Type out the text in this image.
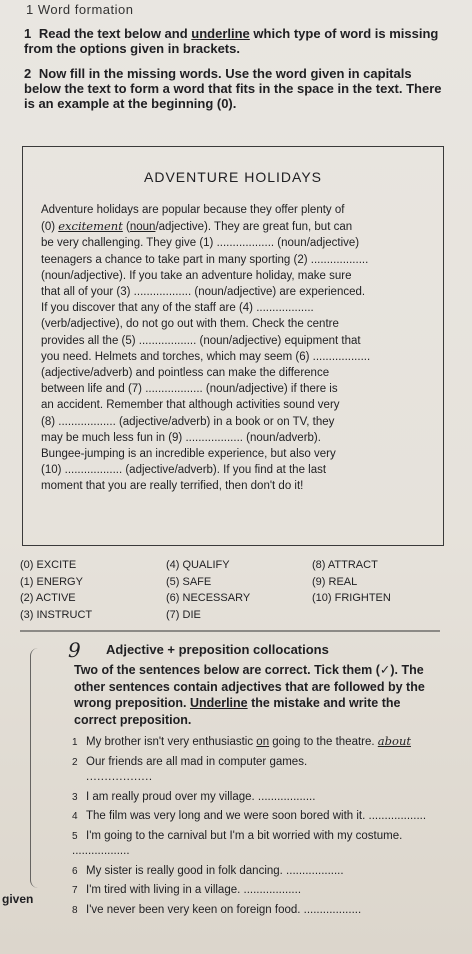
1 Word formation

1 Read the text below and underline which type of word is missing from the options given in brackets.

2 Now fill in the missing words. Use the word given in capitals below the text to form a word that fits in the space in the text. There is an example at the beginning (0).

ADVENTURE HOLIDAYS
Adventure holidays are popular because they offer plenty of
(0) excitement (noun/adjective). They are great fun, but can
be very challenging. They give (1) .................. (noun/adjective)
teenagers a chance to take part in many sporting (2) ..................
(noun/adjective). If you take an adventure holiday, make sure
that all of your (3) .................. (noun/adjective) are experienced.
If you discover that any of the staff are (4) ..................
(verb/adjective), do not go out with them. Check the centre
provides all the (5) .................. (noun/adjective) equipment that
you need. Helmets and torches, which may seem (6) ..................
(adjective/adverb) and pointless can make the difference
between life and (7) .................. (noun/adjective) if there is
an accident. Remember that although activities sound very
(8) .................. (adjective/adverb) in a book or on TV, they
may be much less fun in (9) .................. (noun/adverb).
Bungee-jumping is an incredible experience, but also very
(10) .................. (adjective/adverb). If you find at the last
moment that you are really terrified, then don't do it!
(0) EXCITE	(4) QUALIFY	(8) ATTRACT
(1) ENERGY	(5) SAFE	(9) REAL
(2) ACTIVE	(6) NECESSARY	(10) FRIGHTEN
(3) INSTRUCT	(7) DIE
9 Adjective + preposition collocations
Two of the sentences below are correct. Tick them (✓). The other sentences contain adjectives that are followed by the wrong preposition. Underline the mistake and write the correct preposition.
1 My brother isn't very enthusiastic on going to the theatre. about
2 Our friends are all mad in computer games.
..................
3 I am really proud over my village. ..................
4 The film was very long and we were soon bored with it. ..................
5 I'm going to the carnival but I'm a bit worried with my costume. ..................
6 My sister is really good in folk dancing. ..................
7 I'm tired with living in a village. ..................
8 I've never been very keen on foreign food. ..................
given
